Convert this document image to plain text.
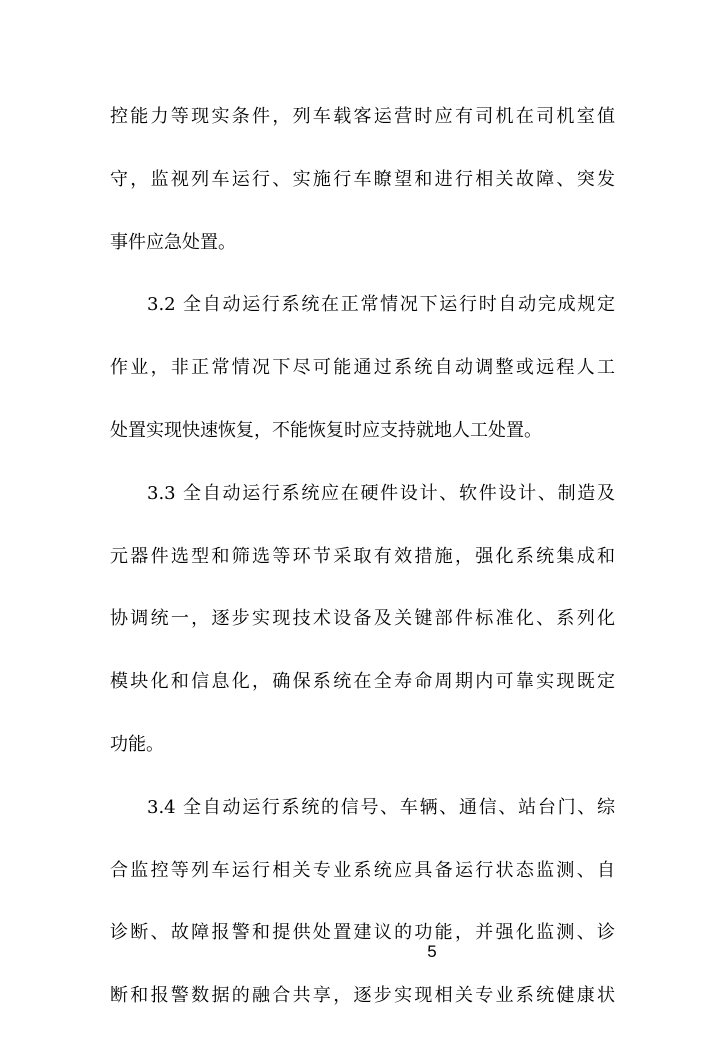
控能力等现实条件，列车载客运营时应有司机在司机室值
守，监视列车运行、实施行车瞭望和进行相关故障、突发
事件应急处置。
3.2 全自动运行系统在正常情况下运行时自动完成规定
作业，非正常情况下尽可能通过系统自动调整或远程人工
处置实现快速恢复，不能恢复时应支持就地人工处置。
3.3 全自动运行系统应在硬件设计、软件设计、制造及
元器件选型和筛选等环节采取有效措施，强化系统集成和
协调统一，逐步实现技术设备及关键部件标准化、系列化
模块化和信息化，确保系统在全寿命周期内可靠实现既定
功能。
3.4 全自动运行系统的信号、车辆、通信、站台门、综
合监控等列车运行相关专业系统应具备运行状态监测、自
诊断、故障报警和提供处置建议的功能，并强化监测、诊
断和报警数据的融合共享，逐步实现相关专业系统健康状
5
